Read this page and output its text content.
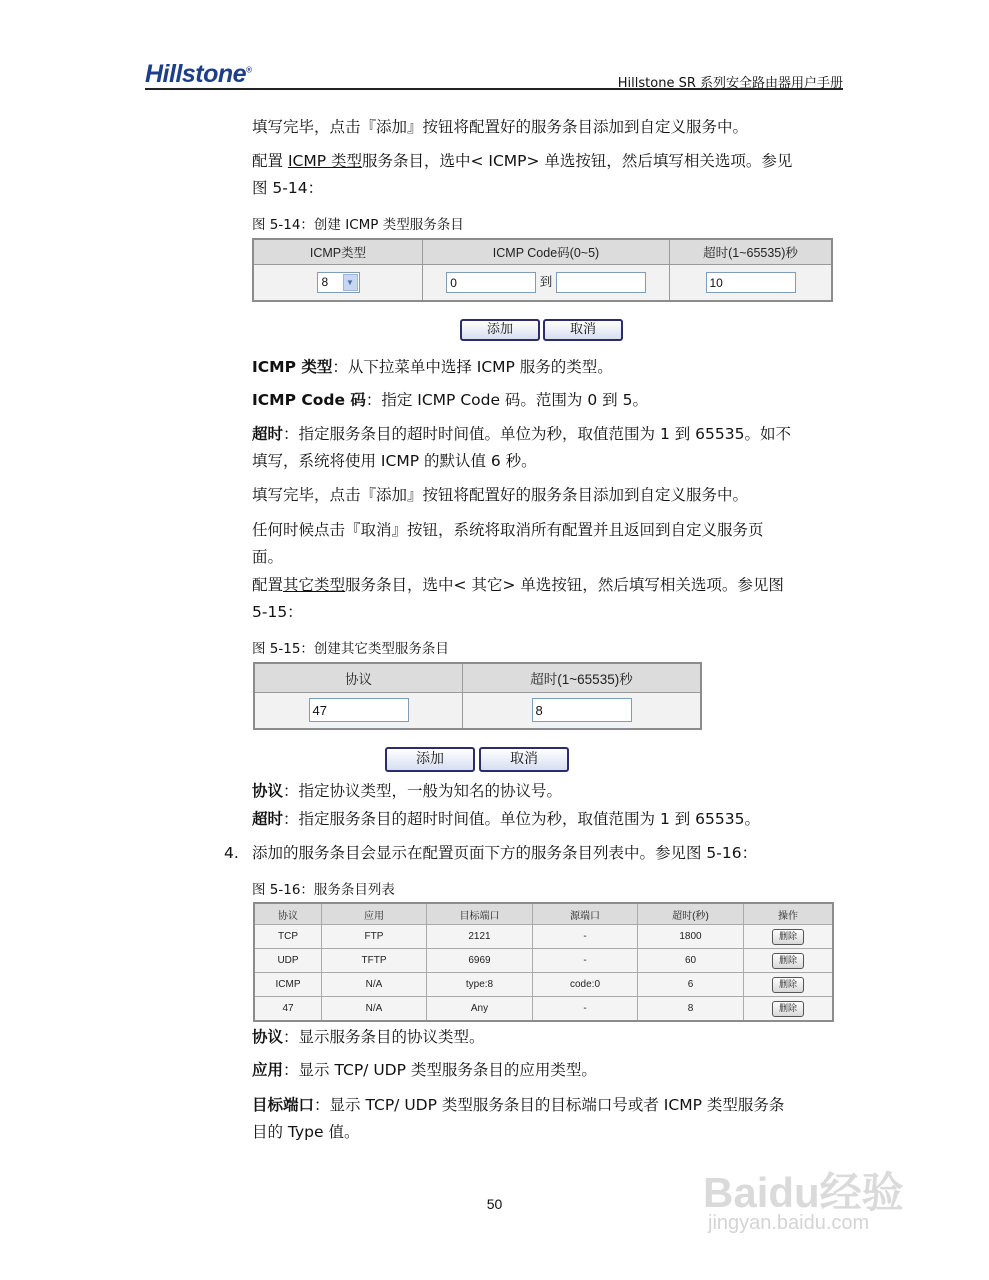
Hillstone®
Hillstone SR 系列安全路由器用户手册
填写完毕，点击『添加』按钮将配置好的服务条目添加到自定义服务中。
配置 ICMP 类型服务条目，选中< ICMP> 单选按钮，然后填写相关选项。参见
图 5-14：
图 5-14：创建 ICMP 类型服务条目
ICMP类型	ICMP Code码(0~5)	超时(1~65535)秒
8 ▼	0 到	10
添加	取消
ICMP 类型：从下拉菜单中选择 ICMP 服务的类型。
ICMP Code 码：指定 ICMP Code 码。范围为 0 到 5。
超时：指定服务条目的超时时间值。单位为秒，取值范围为 1 到 65535。如不
填写，系统将使用 ICMP 的默认值 6 秒。
填写完毕，点击『添加』按钮将配置好的服务条目添加到自定义服务中。
任何时候点击『取消』按钮，系统将取消所有配置并且返回到自定义服务页
面。
配置其它类型服务条目，选中< 其它> 单选按钮，然后填写相关选项。参见图
5-15：
图 5-15：创建其它类型服务条目
协议	超时(1~65535)秒
47	8
添加	取消
协议：指定协议类型，一般为知名的协议号。
超时：指定服务条目的超时时间值。单位为秒，取值范围为 1 到 65535。
4. 添加的服务条目会显示在配置页面下方的服务条目列表中。参见图 5-16：
图 5-16：服务条目列表
协议	应用	目标端口	源端口	超时(秒)	操作
TCP	FTP	2121	-	1800	删除
UDP	TFTP	6969	-	60	删除
ICMP	N/A	type:8	code:0	6	删除
47	N/A	Any	-	8	删除
协议：显示服务条目的协议类型。
应用：显示 TCP/ UDP 类型服务条目的应用类型。
目标端口：显示 TCP/ UDP 类型服务条目的目标端口号或者 ICMP 类型服务条
目的 Type 值。
50	Baidu经验
jingyan.baidu.com
